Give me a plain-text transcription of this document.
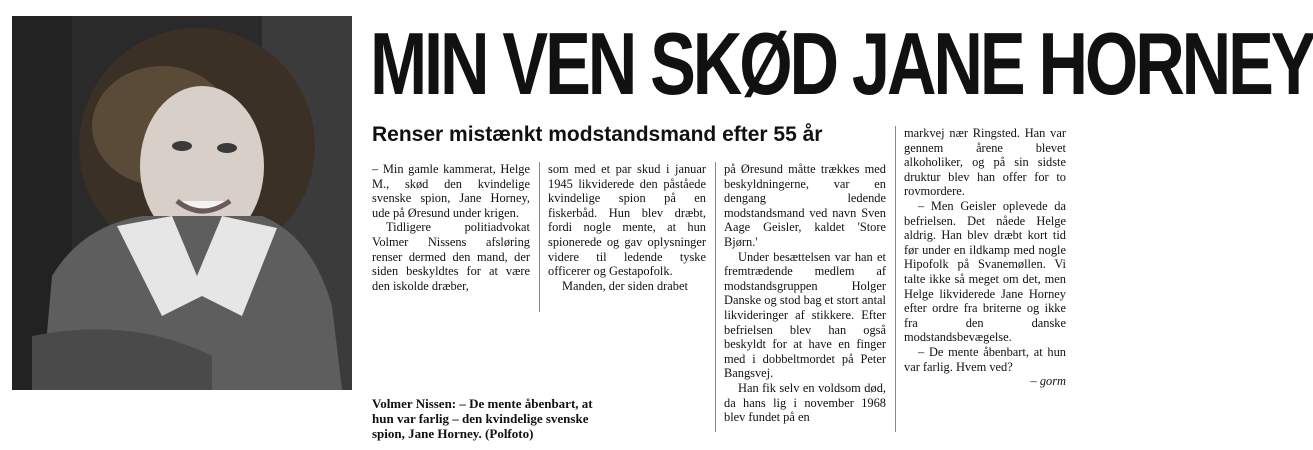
Volmer Nissen: – De mente åbenbart, at hun var farlig – den kvindelige svenske spion, Jane Horney. (Polfoto)
MIN VEN SKØD JANE HORNEY
Renser mistænkt modstandsmand efter 55 år

– Min gamle kammerat, Helge M., skød den kvindelige svenske spion, Jane Horney, ude på Øresund under krigen.

Tidligere politiadvokat Volmer Nissens afsløring renser dermed den mand, der siden beskyldtes for at være den iskolde dræber,

som med et par skud i januar 1945 likviderede den påståede kvindelige spion på en fiskerbåd. Hun blev dræbt, fordi nogle mente, at hun spionerede og gav oplysninger videre til ledende tyske officerer og Gestapofolk.

Manden, der siden drabet

på Øresund måtte trækkes med beskyldningerne, var en dengang ledende modstandsmand ved navn Sven Aage Geisler, kaldet 'Store Bjørn.'

Under besættelsen var han et fremtrædende medlem af modstandsgruppen Holger Danske og stod bag et stort antal likvideringer af stikkere. Efter befrielsen blev han også beskyldt for at have en finger med i dobbeltmordet på Peter Bangsvej.

Han fik selv en voldsom død, da hans lig i november 1968 blev fundet på en

markvej nær Ringsted. Han var gennem årene blevet alkoholiker, og på sin sidste druktur blev han offer for to rovmordere.

– Men Geisler oplevede da befrielsen. Det nåede Helge aldrig. Han blev dræbt kort tid før under en ildkamp med nogle Hipofolk på Svanemøllen. Vi talte ikke så meget om det, men Helge likviderede Jane Horney efter ordre fra briterne og ikke fra den danske modstandsbevægelse.

– De mente åbenbart, at hun var farlig. Hvem ved?

– gorm
